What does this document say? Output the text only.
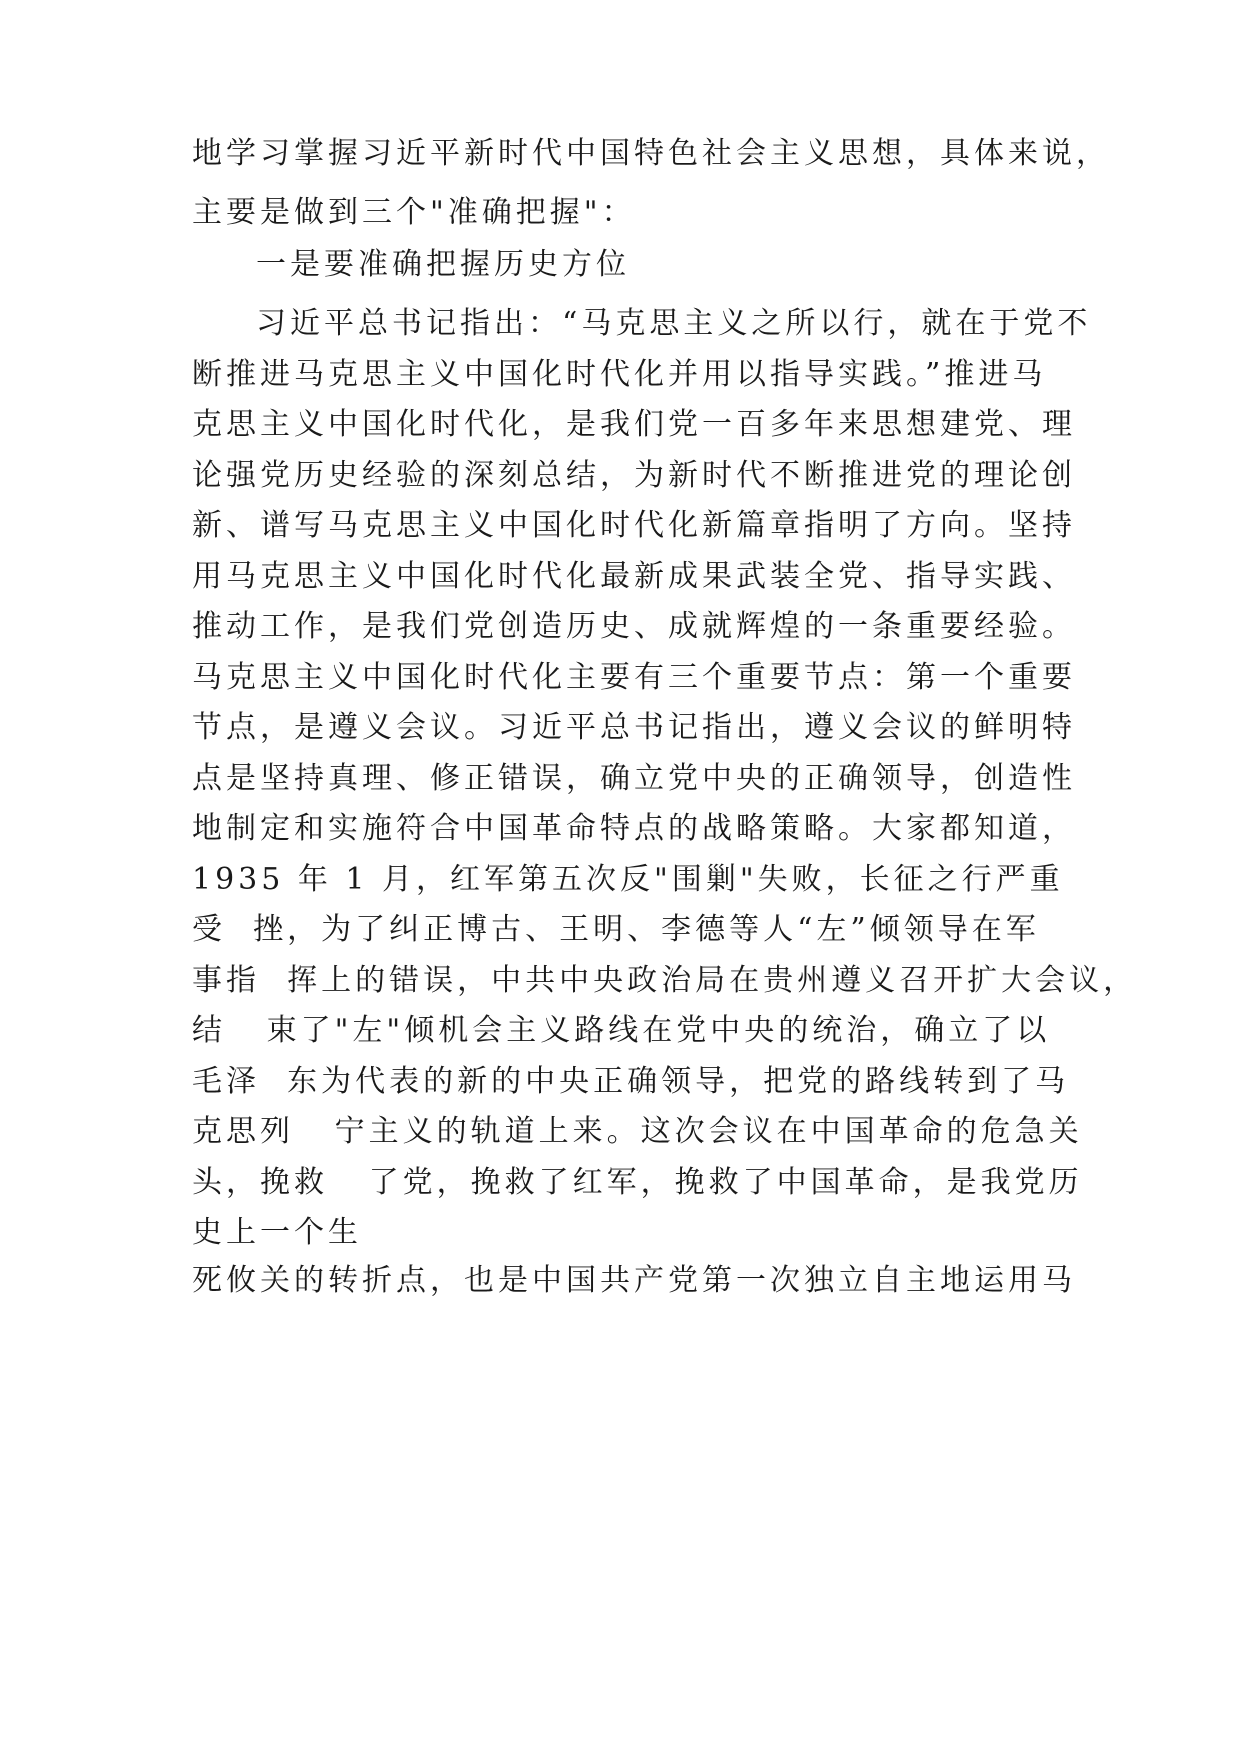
地学习掌握习近平新时代中国特色社会主义思想，具体来说，
主要是做到三个"准确把握"：
一是要准确把握历史方位
习近平总书记指出：“马克思主义之所以行，就在于党不
断推进马克思主义中国化时代化并用以指导实践。”推进马
克思主义中国化时代化，是我们党一百多年来思想建党、理
论强党历史经验的深刻总结，为新时代不断推进党的理论创
新、谱写马克思主义中国化时代化新篇章指明了方向。坚持
用马克思主义中国化时代化最新成果武装全党、指导实践、
推动工作，是我们党创造历史、成就辉煌的一条重要经验。
马克思主义中国化时代化主要有三个重要节点：第一个重要
节点，是遵义会议。习近平总书记指出，遵义会议的鲜明特
点是坚持真理、修正错误，确立党中央的正确领导，创造性
地制定和实施符合中国革命特点的战略策略。大家都知道，
1935 年 1 月，红军第五次反"围剿"失败，长征之行严重
受  挫，为了纠正博古、王明、李德等人“左”倾领导在军
事指  挥上的错误，中共中央政治局在贵州遵义召开扩大会议，
结   束了"左"倾机会主义路线在党中央的统治，确立了以
毛泽  东为代表的新的中央正确领导，把党的路线转到了马
克思列   宁主义的轨道上来。这次会议在中国革命的危急关
头，挽救   了党，挽救了红军，挽救了中国革命，是我党历
史上一个生
死攸关的转折点，也是中国共产党第一次独立自主地运用马
